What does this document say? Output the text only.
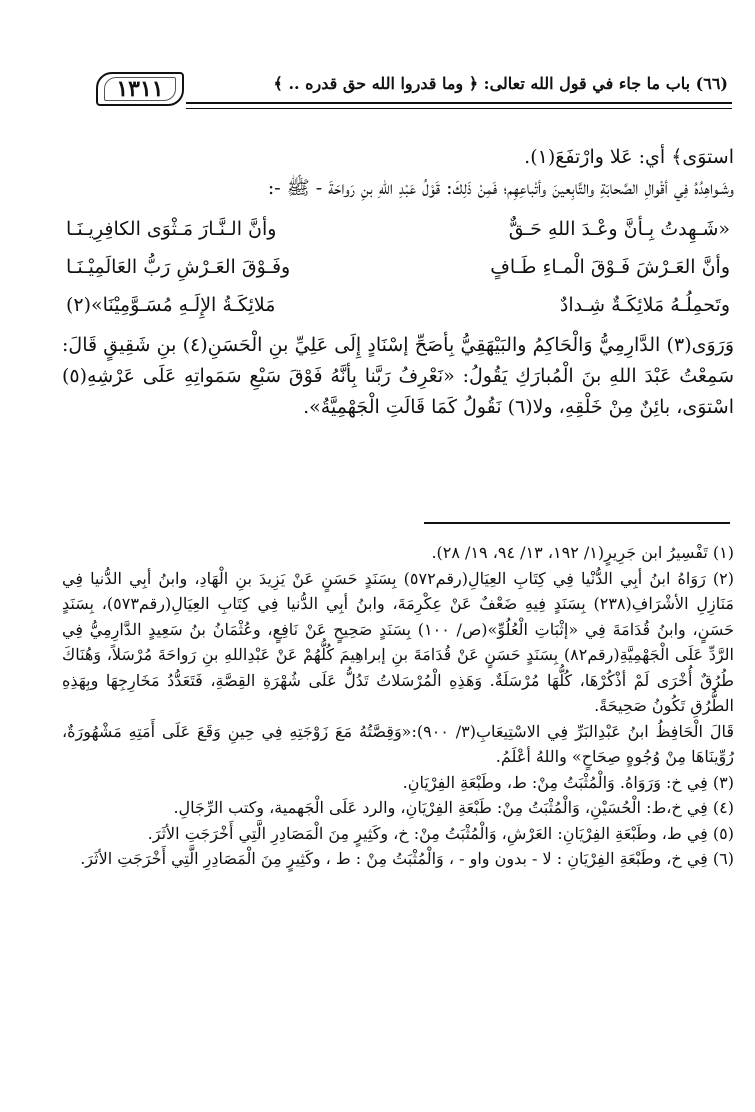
١٣١١	(٦٦) باب ما جاء في قول الله تعالى: ﴿ وما قدروا الله حق قدره .. ﴾

استوَى﴾ أي: عَلا وارْتفَعَ(١).

وشَـواهِدُهُ فِي أقْوالِ الصَّحابَةِ والتَّابِعينَ وأتْباعِهِم؛ فَمِنْ ذَلِكَ: قَوْلُ عَبْدِ اللهِ بنِ رَواحَةَ - ﷺ -:

«شَـهِدتُ بِـأنَّ وعْـدَ اللهِ حَـقٌّ
وأنَّ الـنَّـارَ مَـثْوَى الكافِرِيـنَـا
وأنَّ العَـرْشَ فَـوْقَ الْمـاءِ طَـافٍ
وفَـوْقَ العَـرْشِ رَبُّ العَالَمِيْـنَـا
وتَحمِلُـهُ مَلائِكَـةٌ شِـدادٌ
مَلائِكَـةُ الإِلَـهِ مُسَـوَّمِيْنَا»(٢)

وَرَوَى(٣) الدَّارِمِيُّ وَالْحَاكِمُ والبَيْهَقِيُّ بِأصَحِّ إسْنَادٍ إِلَى عَلِيِّ بنِ الْحَسَنِ(٤) بنِ شَقِيقٍ قَالَ: سَمِعْتُ عَبْدَ اللهِ بنَ الْمُبارَكِ يَقُولُ: «نَعْرِفُ رَبَّنا بِأنَّهُ فَوْقَ سَبْعِ سَمَواتِهِ عَلَى عَرْشِهِ(٥) اسْتوَى، بائِنٌ مِنْ خَلْقِهِ، ولا(٦) نَقُولُ كَمَا قَالَتِ الْجَهْمِيَّةُ».

(١) تَفْسِيرُ ابن جَرِيرٍ(١/ ١٩٢، ١٣/ ٩٤، ١٩/ ٢٨).

(٢) رَوَاهُ ابنُ أبِي الدُّنْيا فِي كِتَابِ العِيَالِ(رقم٥٧٢) بِسَنَدٍ حَسَنٍ عَنْ يَزِيدَ بنِ الْهَادِ، وابنُ أبِي الدُّنيا فِي مَنَازِلِ الأشْرَافِ(٢٣٨) بِسَنَدٍ فِيهِ ضَعْفٌ عَنْ عِكْرِمَةَ، وابنُ أبِي الدُّنيا فِي كِتَابِ العِيَالِ(رقم٥٧٣)، بِسَنَدٍ حَسَنٍ، وابنُ قُدَامَةَ فِي «إثْبَاتِ الْعُلُوِّ»(ص/ ١٠٠) بِسَنَدٍ صَحِيحٍ عَنْ نَافِعٍ، وعُثْمَانُ بنُ سَعِيدٍ الدَّارِمِيُّ فِي الرَّدِّ عَلَى الْجَهْمِيَّةِ(رقم٨٢) بِسَنَدٍ حَسَنٍ عَنْ قُدَامَةَ بنِ إبراهِيمَ كُلُّهُمْ عَنْ عَبْدِاللهِ بنِ رَواحَةَ مُرْسَلاً، وَهُنَاكَ طُرُقٌ أُخْرَى لَمْ أذْكُرْهَا، كُلُّهَا مُرْسَلَةٌ. وَهَذِهِ الْمُرْسَلاتُ تَدُلُّ عَلَى شُهْرَةِ القِصَّةِ، فَتَعَدُّدُ مَخَارِجِهَا وبِهَذِهِ الطُّرُقِ تَكُونُ صَحِيحَةً.

قَالَ الْحَافِظُ ابنُ عَبْدِالبَرِّ فِي الاسْتِيعَابِ(٣/ ٩٠٠):«وَقِصَّتُهُ مَعَ زَوْجَتِهِ فِي حِينِ وَقَعَ عَلَى أَمَتِهِ مَشْهُورَةٌ، رُوِّينَاهَا مِنْ وُجُوهٍ صِحَاحٍ» واللهُ أعْلَمُ.

(٣) فِي خ: وَرَوَاهُ. وَالْمُثْبَتُ مِنْ: ط، وطَبْعَةِ الفِرْيَانِ.

(٤) فِي خ،ط: الْحُسَيْنِ، وَالْمُثْبَتُ مِنْ: طَبْعَةِ الفِرْيَانِ، والرد عَلَى الْجَهمية، وكتب الرِّجَالِ.

(٥) فِي ط، وطَبْعَةِ الفِرْيَانِ: العَرْشِ، وَالْمُثْبَتُ مِنْ: خ، وكَثِيرٍ مِنَ الْمَصَادِرِ الَّتِي أَخْرَجَتِ الأثَرَ.

(٦) فِي خ، وطَبْعَةِ الفِرْيَانِ : لا - بدون واو - ، وَالْمُثْبَتُ مِنْ : ط ، وكَثِيرٍ مِنَ الْمَصَادِرِ الَّتِي أَخْرَجَتِ الأثَرَ.
